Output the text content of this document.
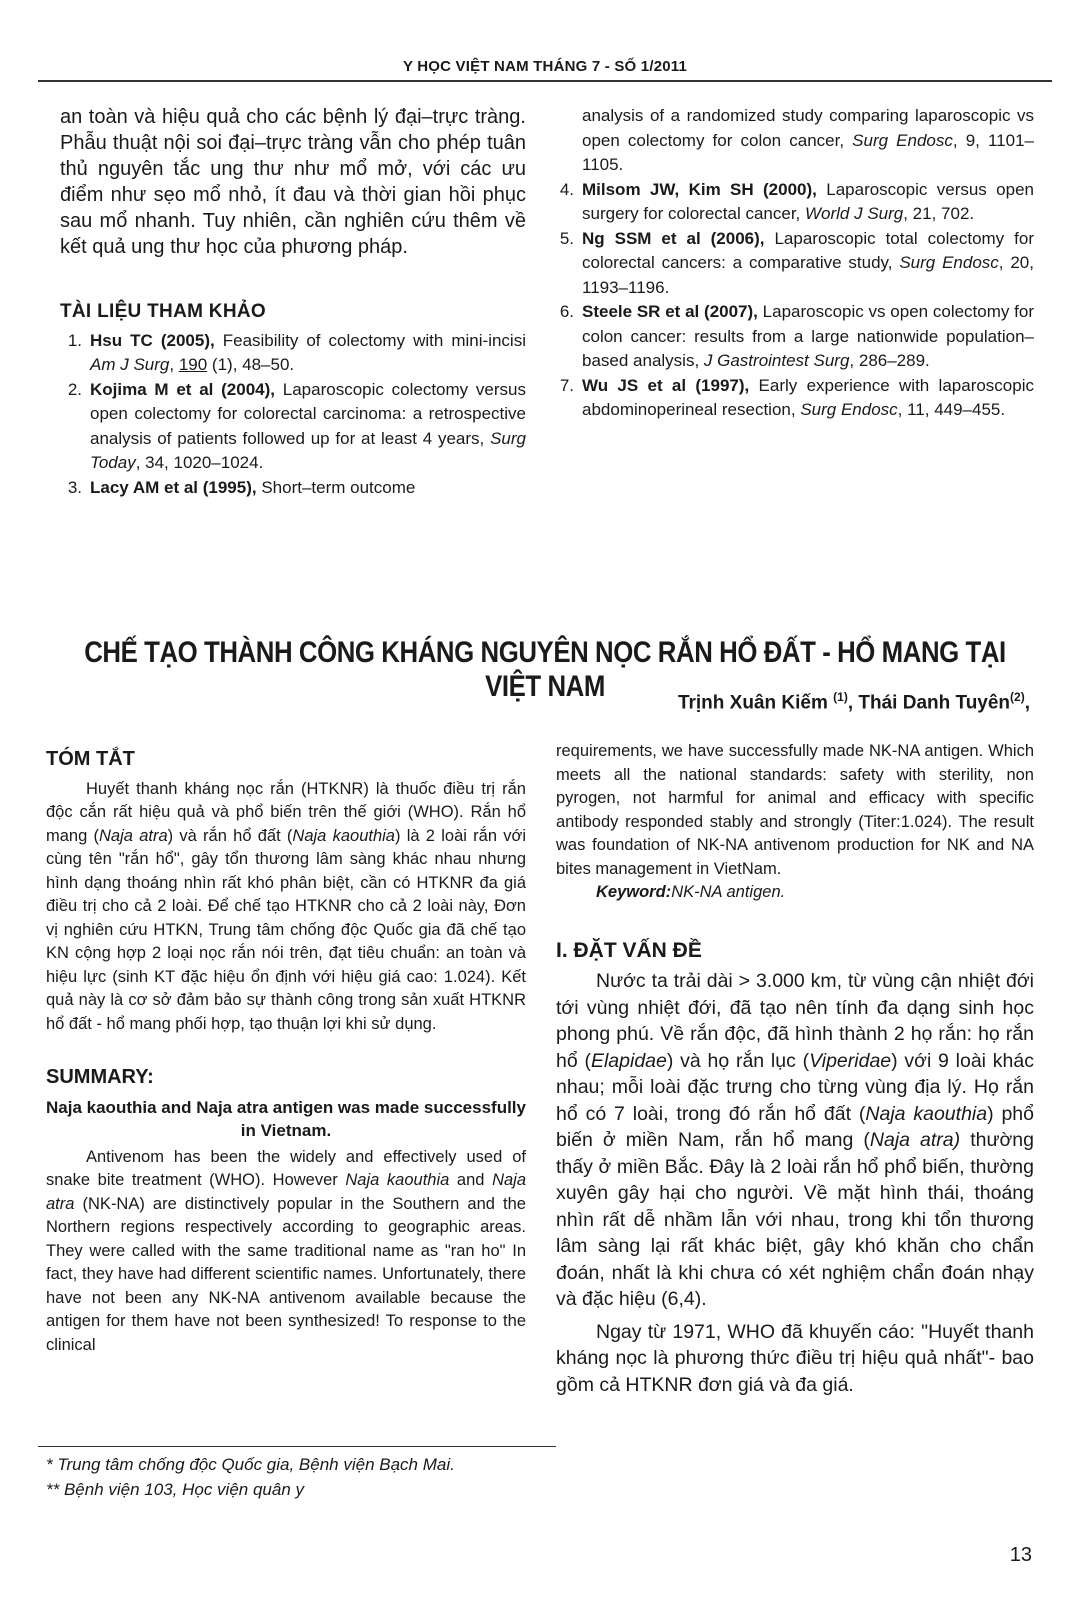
Y HỌC VIỆT NAM THÁNG 7 - SỐ 1/2011

an toàn và hiệu quả cho các bệnh lý đại–trực tràng. Phẫu thuật nội soi đại–trực tràng vẫn cho phép tuân thủ nguyên tắc ung thư như mổ mở, với các ưu điểm như sẹo mổ nhỏ, ít đau và thời gian hồi phục sau mổ nhanh. Tuy nhiên, cần nghiên cứu thêm về kết quả ung thư học của phương pháp.

TÀI LIỆU THAM KHẢO
1. Hsu TC (2005), Feasibility of colectomy with mini-incisi Am J Surg, 190 (1), 48–50.
2. Kojima M et al (2004), Laparoscopic colectomy versus open colectomy for colorectal carcinoma: a retrospective analysis of patients followed up for at least 4 years, Surg Today, 34, 1020–1024.
3. Lacy AM et al (1995), Short–term outcome
analysis of a randomized study comparing laparoscopic vs open colectomy for colon cancer, Surg Endosc, 9, 1101–1105.
4. Milsom JW, Kim SH (2000), Laparoscopic versus open surgery for colorectal cancer, World J Surg, 21, 702.
5. Ng SSM et al (2006), Laparoscopic total colectomy for colorectal cancers: a comparative study, Surg Endosc, 20, 1193–1196.
6. Steele SR et al (2007), Laparoscopic vs open colectomy for colon cancer: results from a large nationwide population–based analysis, J Gastrointest Surg, 286–289.
7. Wu JS et al (1997), Early experience with laparoscopic abdominoperineal resection, Surg Endosc, 11, 449–455.
CHẾ TẠO THÀNH CÔNG KHÁNG NGUYÊN NỌC RẮN HỔ ĐẤT - HỔ MANG TẠI VIỆT NAM	Trịnh Xuân Kiếm $^{(1)}$, Thái Danh Tuyên$^{(2)}$,
TÓM TẮT

Huyết thanh kháng nọc rắn (HTKNR) là thuốc điều trị rắn độc cắn rất hiệu quả và phổ biến trên thế giới (WHO). Rắn hổ mang (Naja atra) và rắn hổ đất (Naja kaouthia) là 2 loài rắn với cùng tên "rắn hổ", gây tổn thương lâm sàng khác nhau nhưng hình dạng thoáng nhìn rất khó phân biệt, cần có HTKNR đa giá điều trị cho cả 2 loài. Để chế tạo HTKNR cho cả 2 loài này, Đơn vị nghiên cứu HTKN, Trung tâm chống độc Quốc gia đã chế tạo KN cộng hợp 2 loại nọc rắn nói trên, đạt tiêu chuẩn: an toàn và hiệu lực (sinh KT đặc hiệu ổn định với hiệu giá cao: 1.024). Kết quả này là cơ sở đảm bảo sự thành công trong sản xuất HTKNR hổ đất - hổ mang phối hợp, tạo thuận lợi khi sử dụng.

SUMMARY:

Naja kaouthia and Naja atra antigen was made successfully in Vietnam.

Antivenom has been the widely and effectively used of snake bite treatment (WHO). However Naja kaouthia and Naja atra (NK-NA) are distinctively popular in the Southern and the Northern regions respectively according to geographic areas. They were called with the same traditional name as "ran ho" In fact, they have had different scientific names. Unfortunately, there have not been any NK-NA antivenom available because the antigen for them have not been synthesized! To response to the clinical

requirements, we have successfully made NK-NA antigen. Which meets all the national standards: safety with sterility, non pyrogen, not harmful for animal and efficacy with specific antibody responded stably and strongly (Titer:1.024). The result was foundation of NK-NA antivenom production for NK and NA bites management in VietNam.

Keyword:NK-NA antigen.

I. ĐẶT VẤN ĐỀ

Nước ta trải dài > 3.000 km, từ vùng cận nhiệt đới tới vùng nhiệt đới, đã tạo nên tính đa dạng sinh học phong phú. Về rắn độc, đã hình thành 2 họ rắn: họ rắn hổ (Elapidae) và họ rắn lục (Viperidae) với 9 loài khác nhau; mỗi loài đặc trưng cho từng vùng địa lý. Họ rắn hổ có 7 loài, trong đó rắn hổ đất (Naja kaouthia) phổ biến ở miền Nam, rắn hổ mang (Naja atra) thường thấy ở miền Bắc. Đây là 2 loài rắn hổ phổ biến, thường xuyên gây hại cho người. Về mặt hình thái, thoáng nhìn rất dễ nhầm lẫn với nhau, trong khi tổn thương lâm sàng lại rất khác biệt, gây khó khăn cho chẩn đoán, nhất là khi chưa có xét nghiệm chẩn đoán nhạy và đặc hiệu (6,4).

Ngay từ 1971, WHO đã khuyến cáo: "Huyết thanh kháng nọc là phương thức điều trị hiệu quả nhất"- bao gồm cả HTKNR đơn giá và đa giá.

* Trung tâm chống độc Quốc gia, Bệnh viện Bạch Mai.
** Bệnh viện 103, Học viện quân y
13
